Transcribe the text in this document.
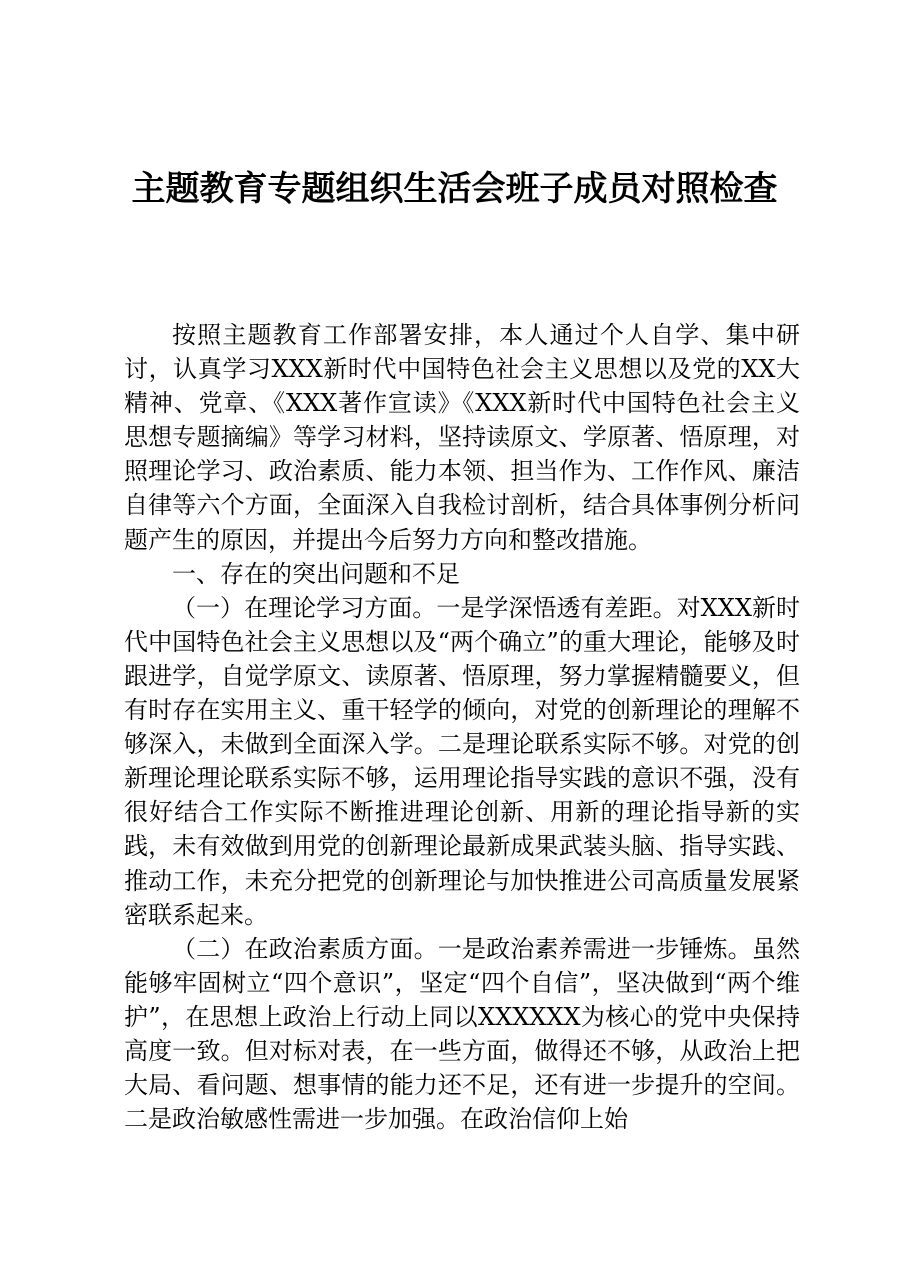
主题教育专题组织生活会班子成员对照检查

按照主题教育工作部署安排，本人通过个人自学、集中研讨，认真学习XXX新时代中国特色社会主义思想以及党的XX大精神、党章、《XXX著作宣读》《XXX新时代中国特色社会主义思想专题摘编》等学习材料，坚持读原文、学原著、悟原理，对照理论学习、政治素质、能力本领、担当作为、工作作风、廉洁自律等六个方面，全面深入自我检讨剖析，结合具体事例分析问题产生的原因，并提出今后努力方向和整改措施。

一、存在的突出问题和不足

（一）在理论学习方面。一是学深悟透有差距。对XXX新时代中国特色社会主义思想以及“两个确立”的重大理论，能够及时跟进学，自觉学原文、读原著、悟原理，努力掌握精髓要义，但有时存在实用主义、重干轻学的倾向，对党的创新理论的理解不够深入，未做到全面深入学。二是理论联系实际不够。对党的创新理论理论联系实际不够，运用理论指导实践的意识不强，没有很好结合工作实际不断推进理论创新、用新的理论指导新的实践，未有效做到用党的创新理论最新成果武装头脑、指导实践、推动工作，未充分把党的创新理论与加快推进公司高质量发展紧密联系起来。

（二）在政治素质方面。一是政治素养需进一步锤炼。虽然能够牢固树立“四个意识”，坚定“四个自信”，坚决做到“两个维护”，在思想上政治上行动上同以XXXXXX为核心的党中央保持高度一致。但对标对表，在一些方面，做得还不够，从政治上把大局、看问题、想事情的能力还不足，还有进一步提升的空间。二是政治敏感性需进一步加强。在政治信仰上始
